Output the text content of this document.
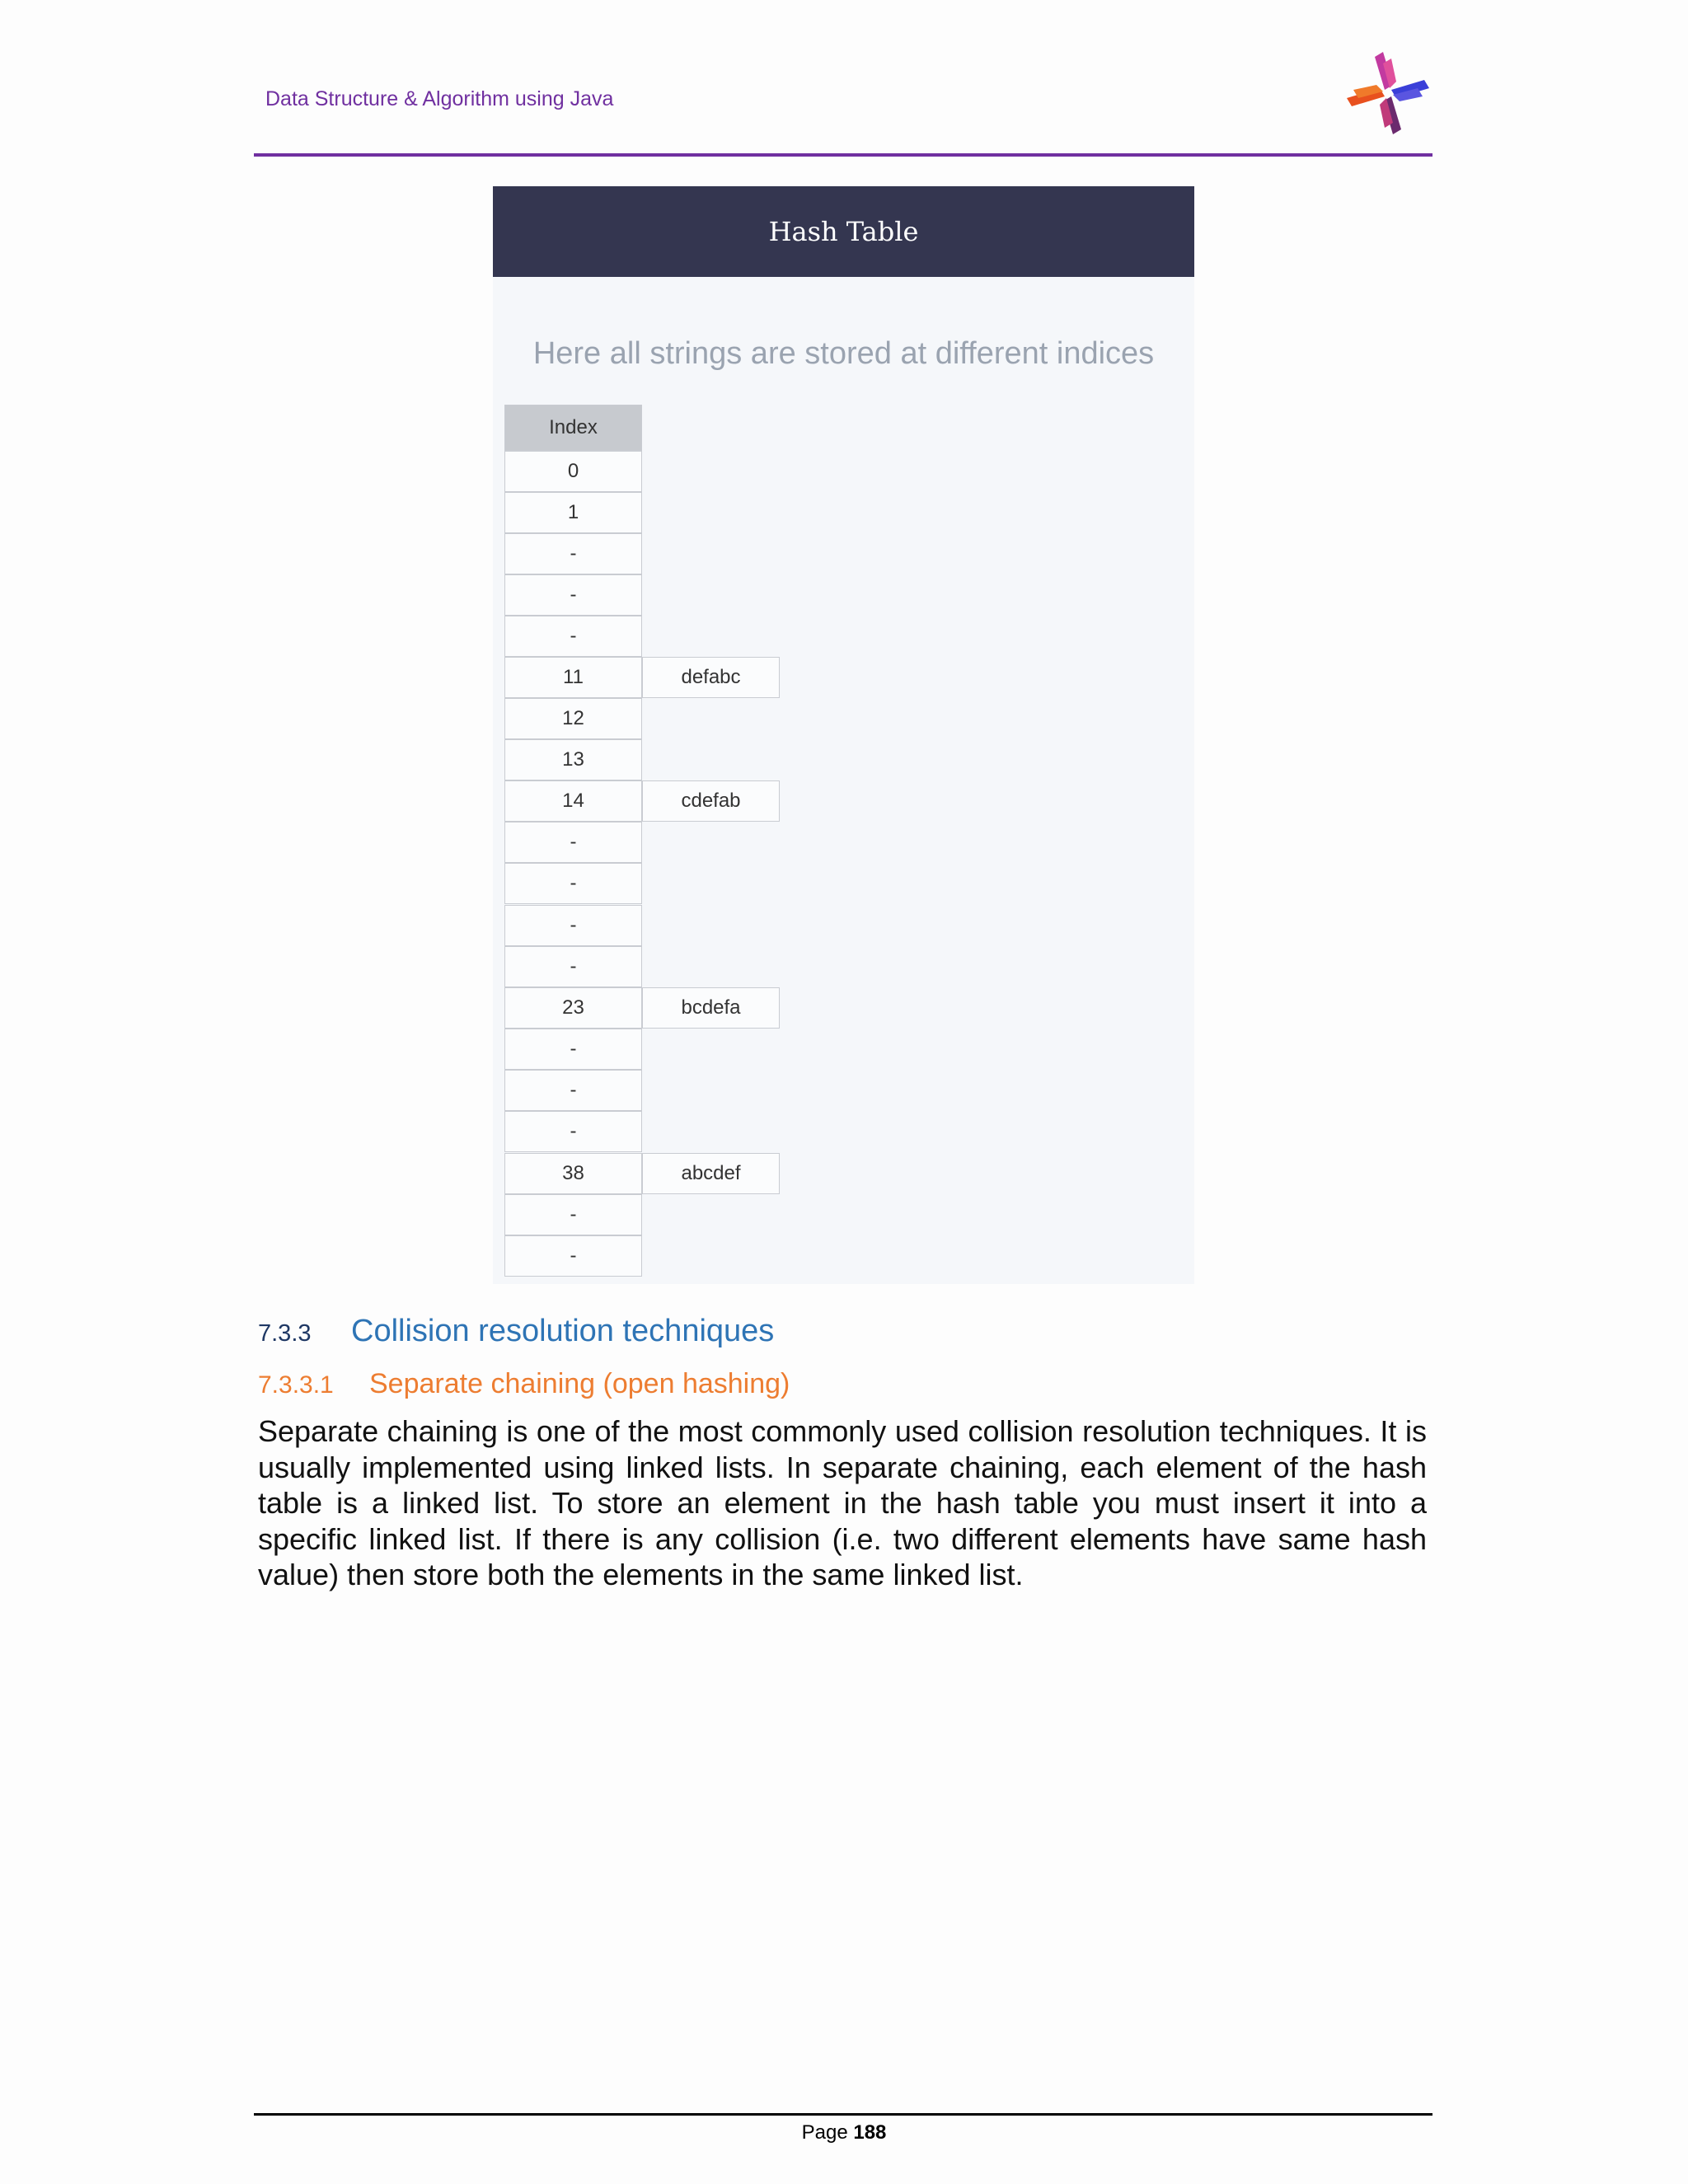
Data Structure & Algorithm using Java
Hash Table
Here all strings are stored at different indices
Index
0
1
-
-
-
11	defabc
12
13
14	cdefab
-
-
-
-
23	bcdefa
-
-
-
38	abcdef
-
-
7.3.3 Collision resolution techniques
7.3.3.1 Separate chaining (open hashing)
Separate chaining is one of the most commonly used collision resolution techniques. It is usually implemented using linked lists. In separate chaining, each element of the hash table is a linked list. To store an element in the hash table you must insert it into a specific linked list. If there is any collision (i.e. two different elements have same hash value) then store both the elements in the same linked list.
Page 188
